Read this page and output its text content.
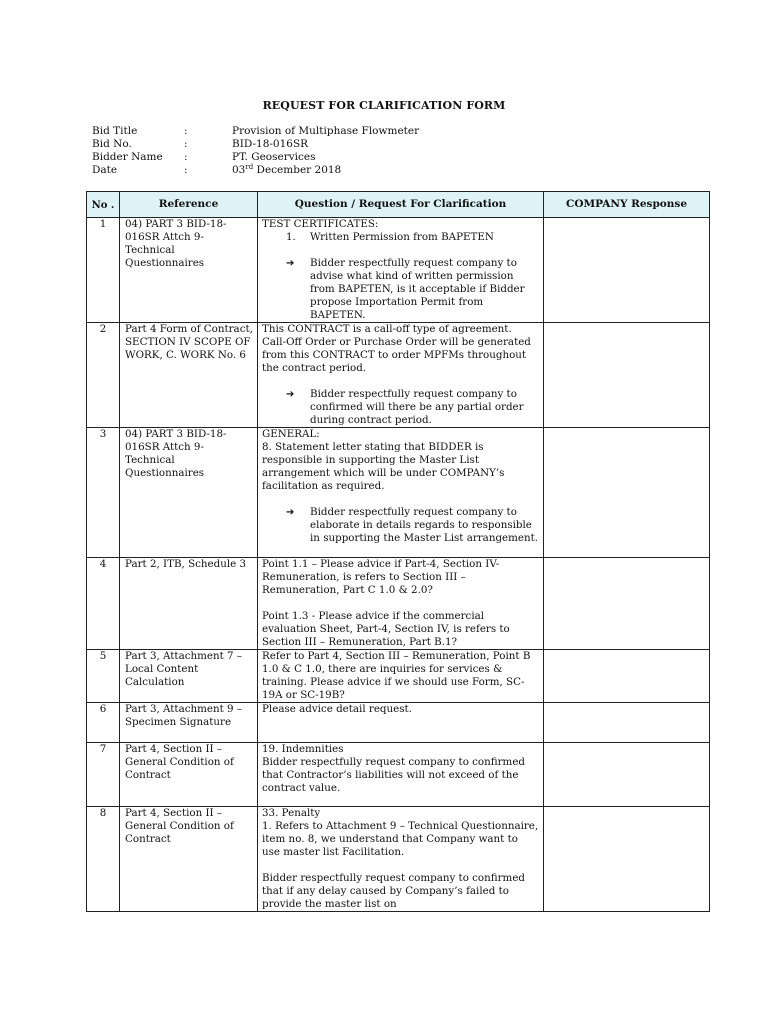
REQUEST FOR CLARIFICATION FORM
Bid Title	:	Provision of Multiphase Flowmeter
Bid No.	:	BID-18-016SR
Bidder Name	:	PT. Geoservices
Date	:	03rd December 2018
No .	Reference	Question / Request For Clarification	COMPANY Response
1	04) PART 3 BID-18-016SR Attch 9- Technical Questionnaires	TEST CERTIFICATES:

1. Written Permission from BAPETEN
➔ Bidder respectfully request company to advise what kind of written permission from BAPETEN, is it acceptable if Bidder propose Importation Permit from BAPETEN.	

2	Part 4 Form of Contract, SECTION IV SCOPE OF WORK, C. WORK No. 6	This CONTRACT is a call-off type of agreement. Call-Off Order or Purchase Order will be generated from this CONTRACT to order MPFMs throughout the contract period.

➔ Bidder respectfully request company to confirmed will there be any partial order during contract period.	

3	04) PART 3 BID-18-016SR Attch 9- Technical Questionnaires	GENERAL:

8. Statement letter stating that BIDDER is responsible in supporting the Master List arrangement which will be under COMPANY’s facilitation as required.

➔ Bidder respectfully request company to elaborate in details regards to responsible in supporting the Master List arrangement.	

4	Part 2, ITB, Schedule 3	Point 1.1 – Please advice if Part-4, Section IV-Remuneration, is refers to Section III – Remuneration, Part C 1.0 & 2.0?

Point 1.3 - Please advice if the commercial evaluation Sheet, Part-4, Section IV, is refers to Section III – Remuneration, Part B.1?	

5	Part 3, Attachment 7 – Local Content Calculation	Refer to Part 4, Section III – Remuneration, Point B 1.0 & C 1.0, there are inquiries for services & training. Please advice if we should use Form, SC-19A or SC-19B?	

6	Part 3, Attachment 9 – Specimen Signature	Please advice detail request.	

7	Part 4, Section II – General Condition of Contract	19. Indemnities

Bidder respectfully request company to confirmed that Contractor’s liabilities will not exceed of the contract value.	

8	Part 4, Section II – General Condition of Contract	33. Penalty

1. Refers to Attachment 9 – Technical Questionnaire, item no. 8, we understand that Company want to use master list Facilitation.

Bidder respectfully request company to confirmed that if any delay caused by Company’s failed to provide the master list on	
